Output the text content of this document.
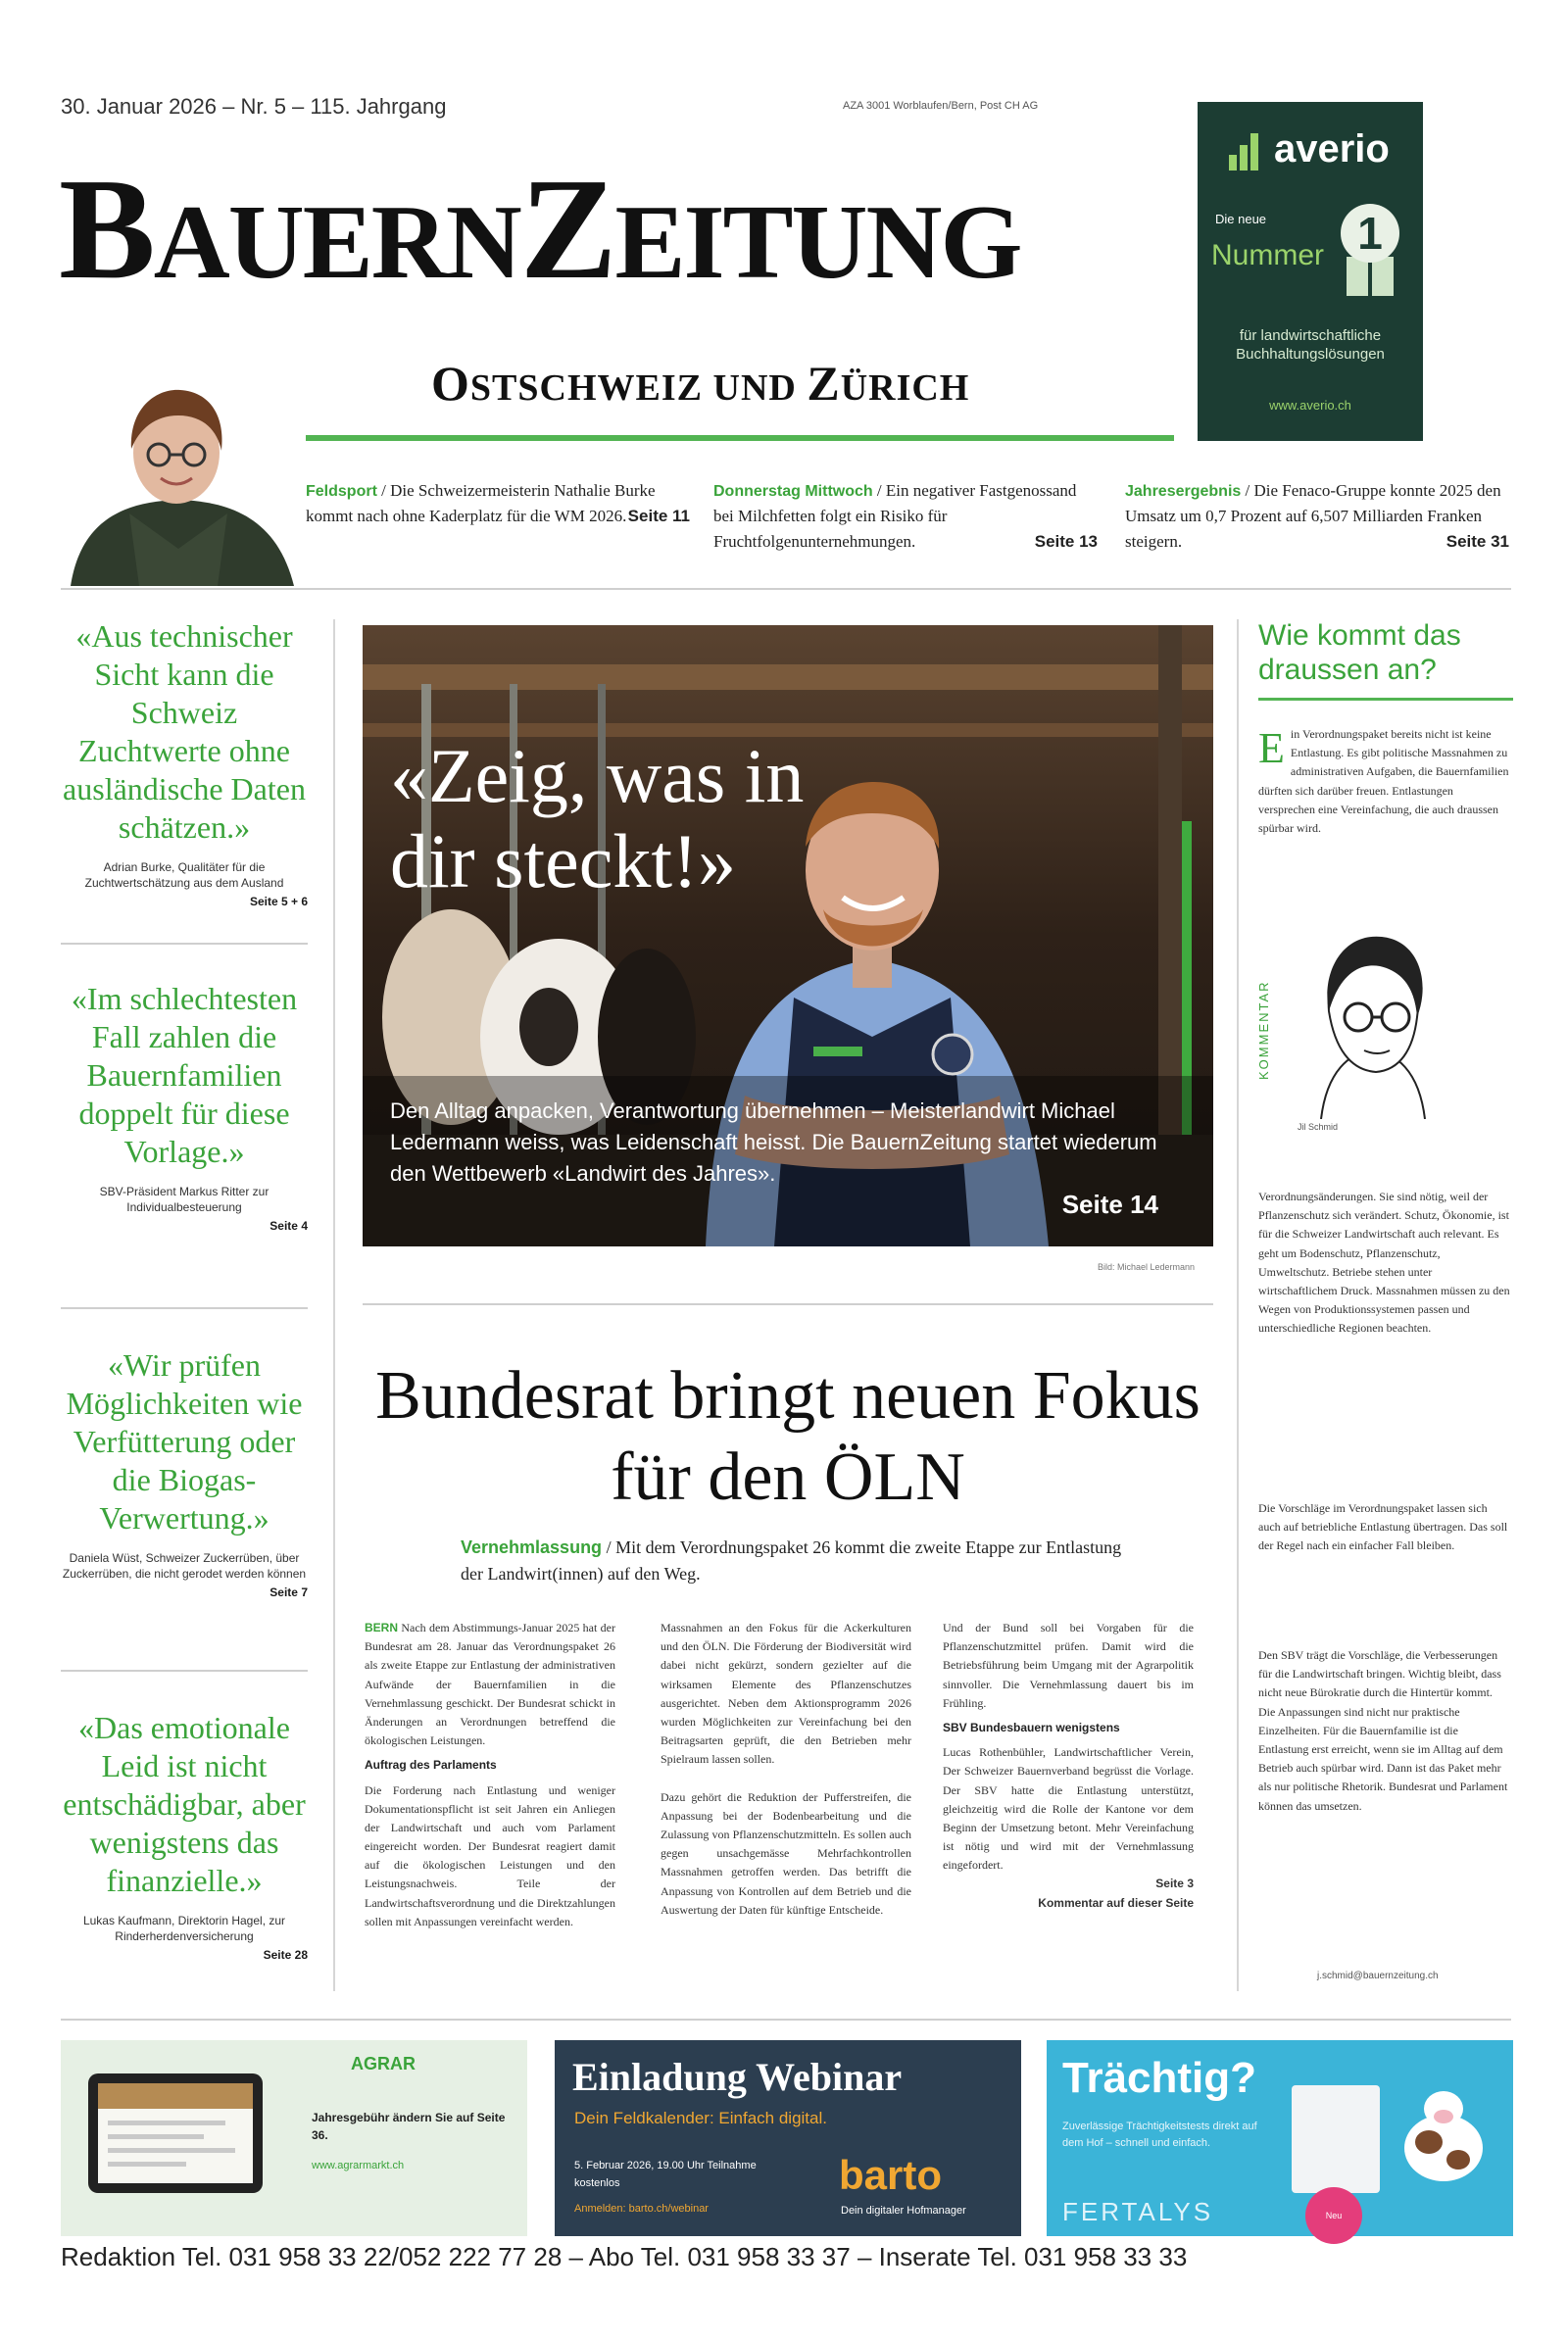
30. Januar 2026 – Nr. 5 – 115. Jahrgang	AZA 3001 Worblaufen/Bern, Post CH AG
BAUERNZEITUNG
OSTSCHWEIZ UND ZÜRICH
averio
Die neue
Nummer 1
für landwirtschaftliche Buchhaltungslösungen
www.averio.ch
Feldsport / Die Schweizermeisterin Nathalie Burke kommt nach ohne Kaderplatz für die WM 2026. Seite 11
Donnerstag Mittwoch / Ein negativer Fastgenossand bei Milchfetten folgt ein Risiko für Fruchtfolgenunternehmungen.	Seite 13
Jahresergebnis / Die Fenaco-Gruppe konnte 2025 den Umsatz um 0,7 Prozent auf 6,507 Milliarden Franken steigern.	Seite 31
«Aus technischer Sicht kann die Schweiz Zuchtwerte ohne ausländische Daten schätzen.»
Adrian Burke, Qualitäter für die Zuchtwertschätzung aus dem Ausland
Seite 5 + 6
«Im schlechtesten Fall zahlen die Bauernfamilien doppelt für diese Vorlage.»
SBV-Präsident Markus Ritter zur Individualbesteuerung
Seite 4
«Wir prüfen Möglichkeiten wie Verfütterung oder die Biogas-Verwertung.»
Daniela Wüst, Schweizer Zuckerrüben, über Zuckerrüben, die nicht gerodet werden können
Seite 7
«Das emotionale Leid ist nicht entschädigbar, aber wenigstens das finanzielle.»
Lukas Kaufmann, Direktorin Hagel, zur Rinderherdenversicherung
Seite 28
«Zeig, was in
dir steckt!»
Den Alltag anpacken, Verantwortung übernehmen – Meisterlandwirt Michael Ledermann weiss, was Leidenschaft heisst. Die BauernZeitung startet wiederum den Wettbewerb «Landwirt des Jahres».
Seite 14
Bild: Michael Ledermann
Bundesrat bringt neuen Fokus für den ÖLN
Vernehmlassung / Mit dem Verordnungspaket 26 kommt die zweite Etappe zur Entlastung der Landwirt(innen) auf den Weg.
BERN Nach dem Abstimmungs-Januar 2025 hat der Bundesrat am 28. Januar das Verordnungspaket 26 als zweite Etappe zur Entlastung der administrativen Aufwände der Bauernfamilien in die Vernehmlassung geschickt. Der Bundesrat schickt in Änderungen an Verordnungen betreffend die ökologischen Leistungen.
Auftrag des Parlaments
Die Forderung nach Entlastung und weniger Dokumentationspflicht ist seit Jahren ein Anliegen der Landwirtschaft und auch vom Parlament eingereicht worden. Der Bundesrat reagiert damit auf die ökologischen Leistungen und den Leistungsnachweis. Teile der Landwirtschaftsverordnung und die Direktzahlungen sollen mit Anpassungen vereinfacht werden.
Massnahmen an den Fokus für die Ackerkulturen und den ÖLN. Die Förderung der Biodiversität wird dabei nicht gekürzt, sondern gezielter auf die wirksamen Elemente des Pflanzenschutzes ausgerichtet. Neben dem Aktionsprogramm 2026 wurden Möglichkeiten zur Vereinfachung bei den Beitragsarten geprüft, die den Betrieben mehr Spielraum lassen sollen.

Dazu gehört die Reduktion der Pufferstreifen, die Anpassung bei der Bodenbearbeitung und die Zulassung von Pflanzenschutzmitteln. Es sollen auch gegen unsachgemässe Mehrfachkontrollen Massnahmen getroffen werden. Das betrifft die Anpassung von Kontrollen auf dem Betrieb und die Auswertung der Daten für künftige Entscheide.
Und der Bund soll bei Vorgaben für die Pflanzenschutzmittel prüfen. Damit wird die Betriebsführung beim Umgang mit der Agrarpolitik sinnvoller. Die Vernehmlassung dauert bis im Frühling.
SBV Bundesbauern wenigstens
Lucas Rothenbühler, Landwirtschaftlicher Verein, Der Schweizer Bauernverband begrüsst die Vorlage. Der SBV hatte die Entlastung unterstützt, gleichzeitig wird die Rolle der Kantone vor dem Beginn der Umsetzung betont. Mehr Vereinfachung ist nötig und wird mit der Vernehmlassung eingefordert.
Seite 3
Kommentar auf dieser Seite
Wie kommt das draussen an?
Ein Verordnungspaket bereits nicht ist keine Entlastung. Es gibt politische Massnahmen zu administrativen Aufgaben, die Bauernfamilien dürften sich darüber freuen. Entlastungen versprechen eine Vereinfachung, die auch draussen spürbar wird.
KOMMENTAR
Jil Schmid
Verordnungsänderungen. Sie sind nötig, weil der Pflanzenschutz sich verändert. Schutz, Ökonomie, ist für die Schweizer Landwirtschaft auch relevant. Es geht um Bodenschutz, Pflanzenschutz, Umweltschutz. Betriebe stehen unter wirtschaftlichem Druck. Massnahmen müssen zu den Wegen von Produktionssystemen passen und unterschiedliche Regionen beachten.
Die Vorschläge im Verordnungspaket lassen sich auch auf betriebliche Entlastung übertragen. Das soll der Regel nach ein einfacher Fall bleiben.
Den SBV trägt die Vorschläge, die Verbesserungen für die Landwirtschaft bringen. Wichtig bleibt, dass nicht neue Bürokratie durch die Hintertür kommt. Die Anpassungen sind nicht nur praktische Einzelheiten. Für die Bauernfamilie ist die Entlastung erst erreicht, wenn sie im Alltag auf dem Betrieb auch spürbar wird. Dann ist das Paket mehr als nur politische Rhetorik. Bundesrat und Parlament können das umsetzen.
j.schmid@bauernzeitung.ch
AGRAR
Jahresgebühr ändern Sie auf Seite 36.
www.agrarmarkt.ch
Einladung Webinar
Dein Feldkalender: Einfach digital.
5. Februar 2026, 19.00 Uhr Teilnahme kostenlos
Anmelden: barto.ch/webinar
barto
Dein digitaler Hofmanager
Trächtig?
Zuverlässige Trächtigkeitstests direkt auf dem Hof – schnell und einfach.
FERTALYS	Neu
Redaktion Tel. 031 958 33 22/052 222 77 28 – Abo Tel. 031 958 33 37 – Inserate Tel. 031 958 33 33
